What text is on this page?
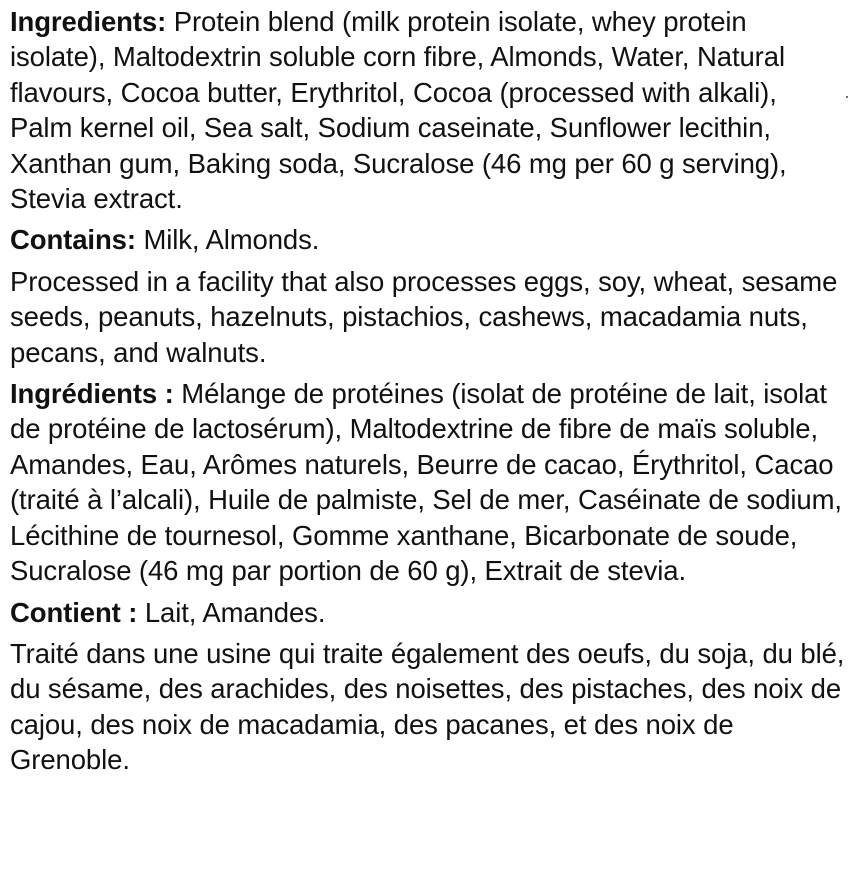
Ingredients: Protein blend (milk protein isolate, whey protein isolate), Maltodextrin soluble corn fibre, Almonds, Water, Natural flavours, Cocoa butter, Erythritol, Cocoa (processed with alkali), Palm kernel oil, Sea salt, Sodium caseinate, Sunflower lecithin, Xanthan gum, Baking soda, Sucralose (46 mg per 60 g serving), Stevia extract.

Contains: Milk, Almonds.

Processed in a facility that also processes eggs, soy, wheat, sesame seeds, peanuts, hazelnuts, pistachios, cashews, macadamia nuts, pecans, and walnuts.

Ingrédients : Mélange de protéines (isolat de protéine de lait, isolat de protéine de lactosérum), Maltodextrine de fibre de maïs soluble, Amandes, Eau, Arômes naturels, Beurre de cacao, Érythritol, Cacao (traité à l’alcali), Huile de palmiste, Sel de mer, Caséinate de sodium, Lécithine de tournesol, Gomme xanthane, Bicarbonate de soude, Sucralose (46 mg par portion de 60 g), Extrait de stevia.

Contient : Lait, Amandes.

Traité dans une usine qui traite également des oeufs, du soja, du blé, du sésame, des arachides, des noisettes, des pistaches, des noix de cajou, des noix de macadamia, des pacanes, et des noix de Grenoble.
